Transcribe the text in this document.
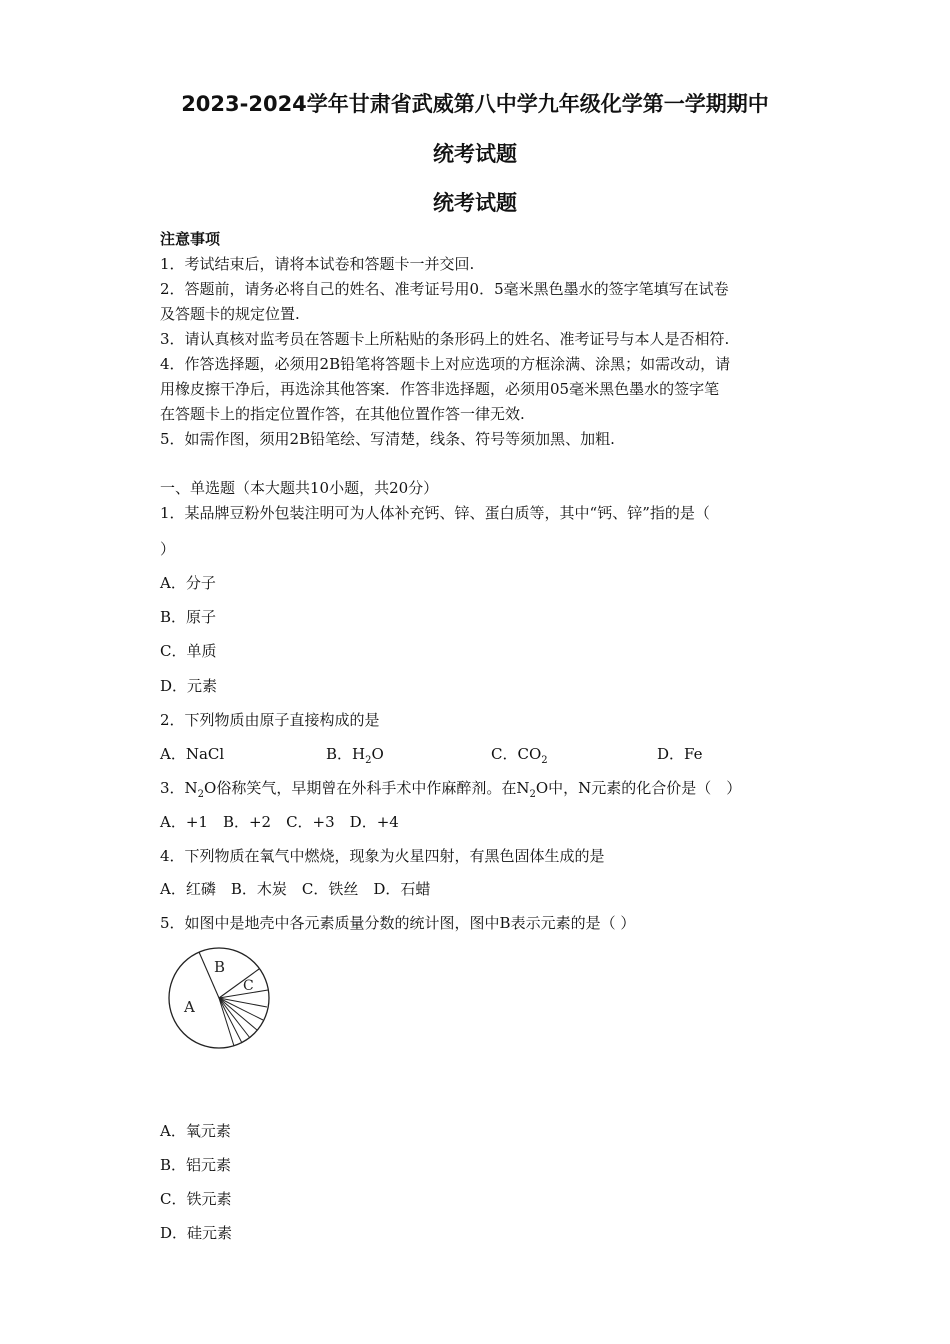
2023-2024学年甘肃省武威第八中学九年级化学第一学期期中
统考试题
统考试题
注意事项
1．考试结束后，请将本试卷和答题卡一并交回.
2．答题前，请务必将自己的姓名、准考证号用0．5毫米黑色墨水的签字笔填写在试卷
及答题卡的规定位置.
3．请认真核对监考员在答题卡上所粘贴的条形码上的姓名、准考证号与本人是否相符.
4．作答选择题，必须用2B铅笔将答题卡上对应选项的方框涂满、涂黑；如需改动，请
用橡皮擦干净后，再选涂其他答案．作答非选择题，必须用05毫米黑色墨水的签字笔
在答题卡上的指定位置作答，在其他位置作答一律无效.
5．如需作图，须用2B铅笔绘、写清楚，线条、符号等须加黑、加粗.
一、单选题（本大题共10小题，共20分）
1．某品牌豆粉外包装注明可为人体补充钙、锌、蛋白质等，其中“钙、锌”指的是（
）
A．分子
B．原子
C．单质
D．元素
2．下列物质由原子直接构成的是
A．NaCl	B．$H_2O$	C．$CO_2$	D．Fe
3．$N_2O$俗称笑气，早期曾在外科手术中作麻醉剂。在$N_2O$中，N元素的化合价是（　）
A．+1　B．+2　C．+3　D．+4
4．下列物质在氧气中燃烧，现象为火星四射，有黑色固体生成的是
A．红磷　B．木炭　C．铁丝　D．石蜡
5．如图中是地壳中各元素质量分数的统计图，图中B表示元素的是（ ）
A
B
C
A．氧元素
B．铝元素
C．铁元素
D．硅元素
